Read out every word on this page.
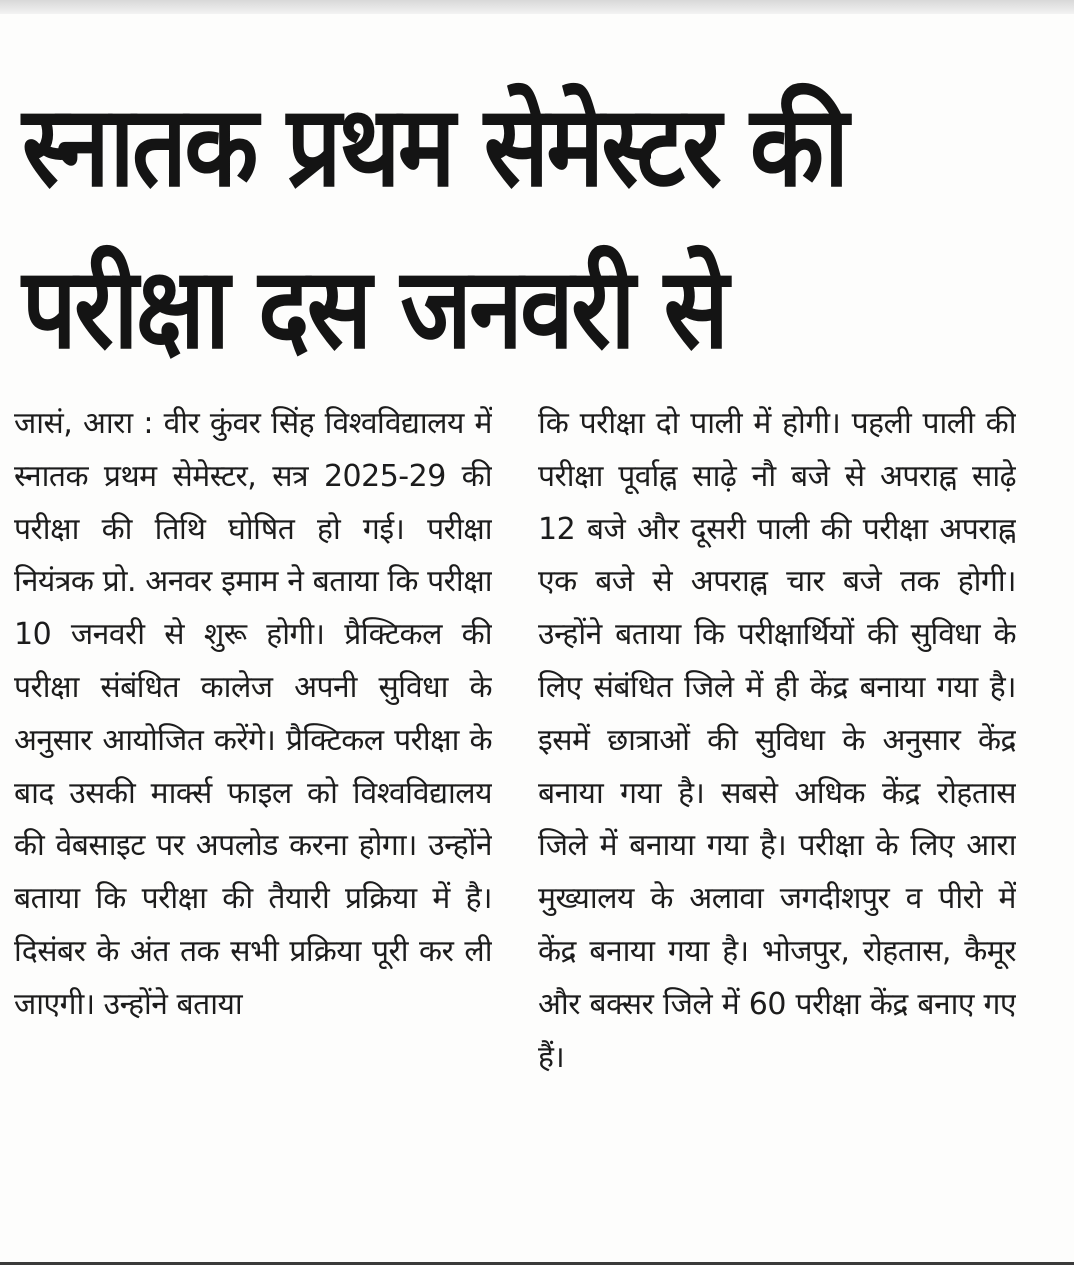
स्नातक प्रथम सेमेस्टर की
परीक्षा दस जनवरी से
जासं, आरा : वीर कुंवर सिंह विश्वविद्यालय में स्नातक प्रथम सेमेस्टर, सत्र 2025-29 की परीक्षा की तिथि घोषित हो गई। परीक्षा नियंत्रक प्रो. अनवर इमाम ने बताया कि परीक्षा 10 जनवरी से शुरू होगी। प्रैक्टिकल की परीक्षा संबंधित कालेज अपनी सुविधा के अनुसार आयोजित करेंगे। प्रैक्टिकल परीक्षा के बाद उसकी मार्क्स फाइल को विश्वविद्यालय की वेबसाइट पर अपलोड करना होगा। उन्होंने बताया कि परीक्षा की तैयारी प्रक्रिया में है। दिसंबर के अंत तक सभी प्रक्रिया पूरी कर ली जाएगी। उन्होंने बताया
कि परीक्षा दो पाली में होगी। पहली पाली की परीक्षा पूर्वाह्न साढ़े नौ बजे से अपराह्न साढ़े 12 बजे और दूसरी पाली की परीक्षा अपराह्न एक बजे से अपराह्न चार बजे तक होगी। उन्होंने बताया कि परीक्षार्थियों की सुविधा के लिए संबंधित जिले में ही केंद्र बनाया गया है। इसमें छात्राओं की सुविधा के अनुसार केंद्र बनाया गया है। सबसे अधिक केंद्र रोहतास जिले में बनाया गया है। परीक्षा के लिए आरा मुख्यालय के अलावा जगदीशपुर व पीरो में केंद्र बनाया गया है। भोजपुर, रोहतास, कैमूर और बक्सर जिले में 60 परीक्षा केंद्र बनाए गए हैं।
